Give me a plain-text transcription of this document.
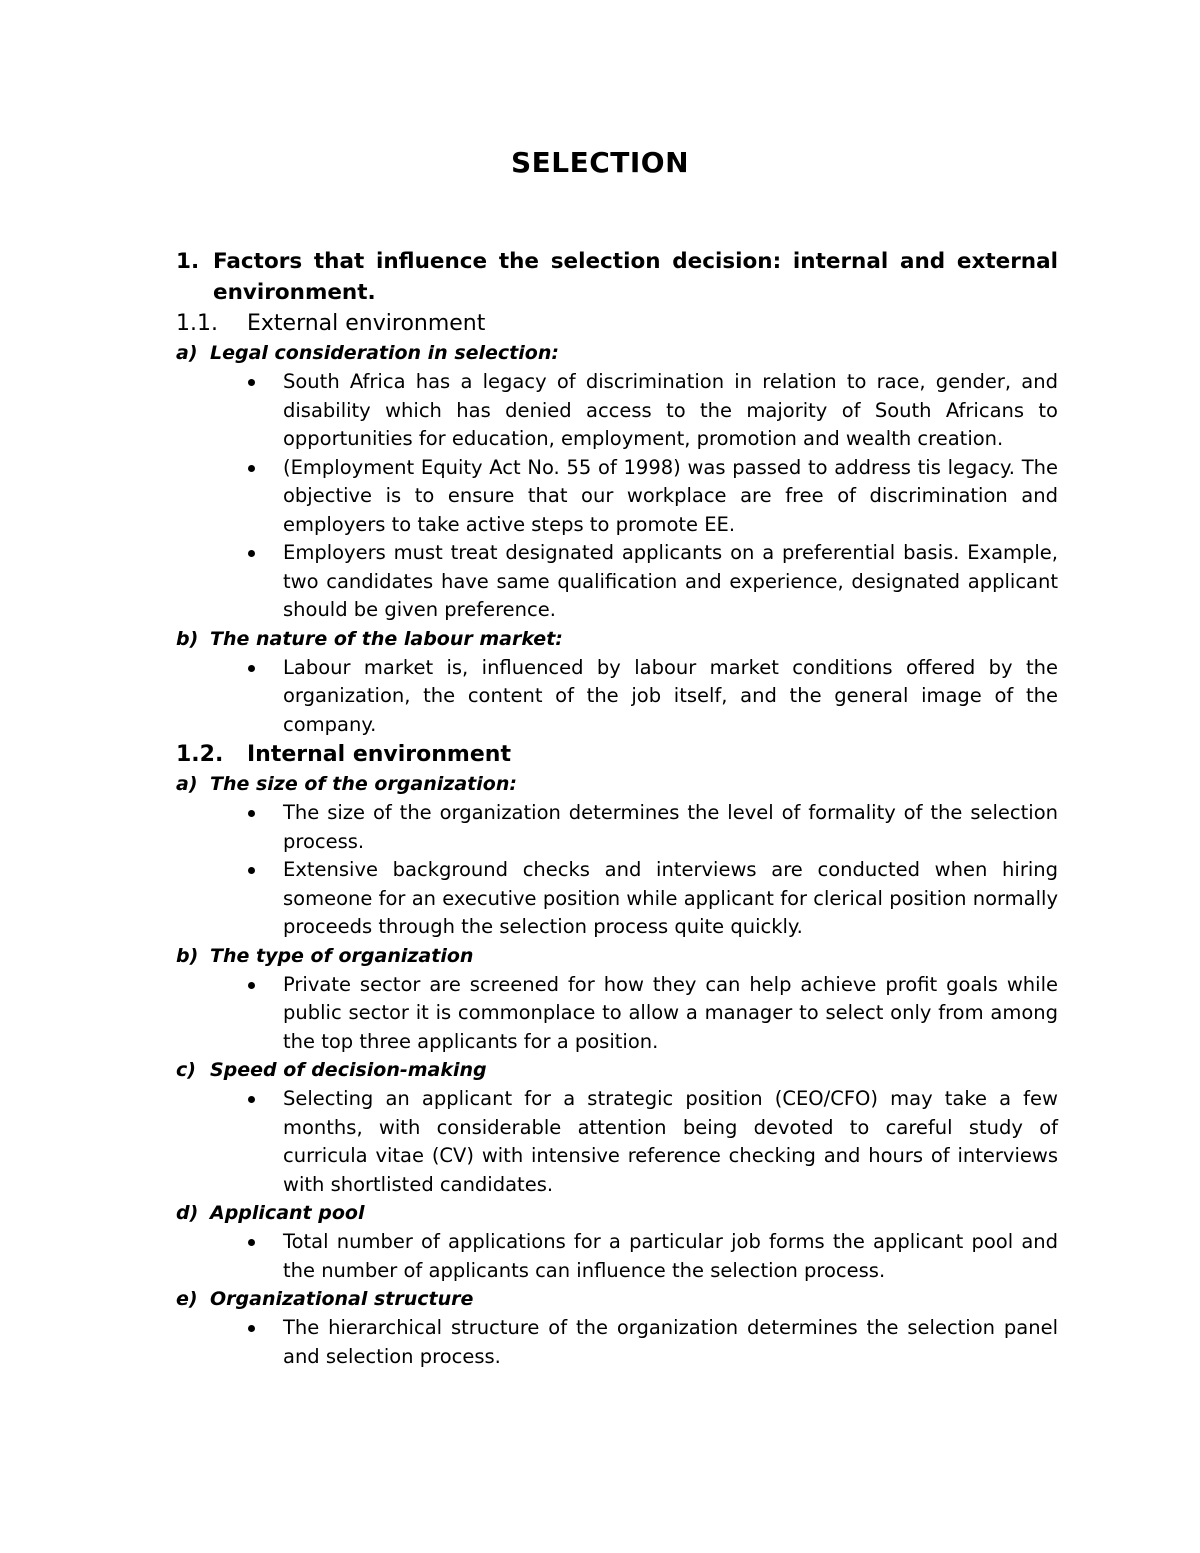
SELECTION
1. Factors that influence the selection decision: internal and external environment.
1.1.	External environment
a) Legal consideration in selection:
South Africa has a legacy of discrimination in relation to race, gender, and disability which has denied access to the majority of South Africans to opportunities for education, employment, promotion and wealth creation.
(Employment Equity Act No. 55 of 1998) was passed to address tis legacy. The objective is to ensure that our workplace are free of discrimination and employers to take active steps to promote EE.
Employers must treat designated applicants on a preferential basis. Example, two candidates have same qualification and experience, designated applicant should be given preference.
b) The nature of the labour market:
Labour market is, influenced by labour market conditions offered by the organization, the content of the job itself, and the general image of the company.
1.2.	Internal environment
a) The size of the organization:
The size of the organization determines the level of formality of the selection process.
Extensive background checks and interviews are conducted when hiring someone for an executive position while applicant for clerical position normally proceeds through the selection process quite quickly.
b) The type of organization
Private sector are screened for how they can help achieve profit goals while public sector it is commonplace to allow a manager to select only from among the top three applicants for a position.
c) Speed of decision-making
Selecting an applicant for a strategic position (CEO/CFO) may take a few months, with considerable attention being devoted to careful study of curricula vitae (CV) with intensive reference checking and hours of interviews with shortlisted candidates.
d) Applicant pool
Total number of applications for a particular job forms the applicant pool and the number of applicants can influence the selection process.
e) Organizational structure
The hierarchical structure of the organization determines the selection panel and selection process.
